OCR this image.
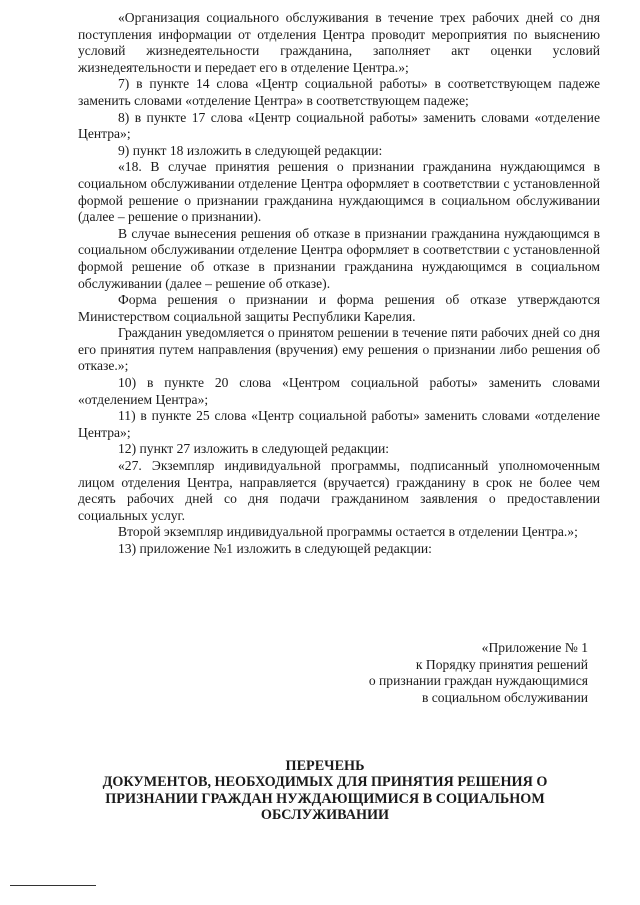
«Организация социального обслуживания в течение трех рабочих дней со дня поступления информации от отделения Центра проводит мероприятия по выяснению условий жизнедеятельности гражданина, заполняет акт оценки условий жизнедеятельности и передает его в отделение Центра.»;

7) в пункте 14 слова «Центр социальной работы» в соответствующем падеже заменить словами «отделение Центра» в соответствующем падеже;

8) в пункте 17 слова «Центр социальной работы» заменить словами «отделение Центра»;

9) пункт 18 изложить в следующей редакции:

«18. В случае принятия решения о признании гражданина нуждающимся в социальном обслуживании отделение Центра оформляет в соответствии с установленной формой решение о признании гражданина нуждающимся в социальном обслуживании (далее – решение о признании).

В случае вынесения решения об отказе в признании гражданина нуждающимся в социальном обслуживании отделение Центра оформляет в соответствии с установленной формой решение об отказе в признании гражданина нуждающимся в социальном обслуживании (далее – решение об отказе).

Форма решения о признании и форма решения об отказе утверждаются Министерством социальной защиты Республики Карелия.

Гражданин уведомляется о принятом решении в течение пяти рабочих дней со дня его принятия путем направления (вручения) ему решения о признании либо решения об отказе.»;

10) в пункте 20 слова «Центром социальной работы» заменить словами «отделением Центра»;

11) в пункте 25 слова «Центр социальной работы» заменить словами «отделение Центра»;

12) пункт 27 изложить в следующей редакции:

«27. Экземпляр индивидуальной программы, подписанный уполномоченным лицом отделения Центра, направляется (вручается) гражданину в срок не более чем десять рабочих дней со дня подачи гражданином заявления о предоставлении социальных услуг.

Второй экземпляр индивидуальной программы остается в отделении Центра.»;

13) приложение №1 изложить в следующей редакции:

«Приложение № 1
к Порядку принятия решений
о признании граждан нуждающимися
в социальном обслуживании
ПЕРЕЧЕНЬ
ДОКУМЕНТОВ, НЕОБХОДИМЫХ ДЛЯ ПРИНЯТИЯ РЕШЕНИЯ О
ПРИЗНАНИИ ГРАЖДАН НУЖДАЮЩИМИСЯ В СОЦИАЛЬНОМ
ОБСЛУЖИВАНИИ
